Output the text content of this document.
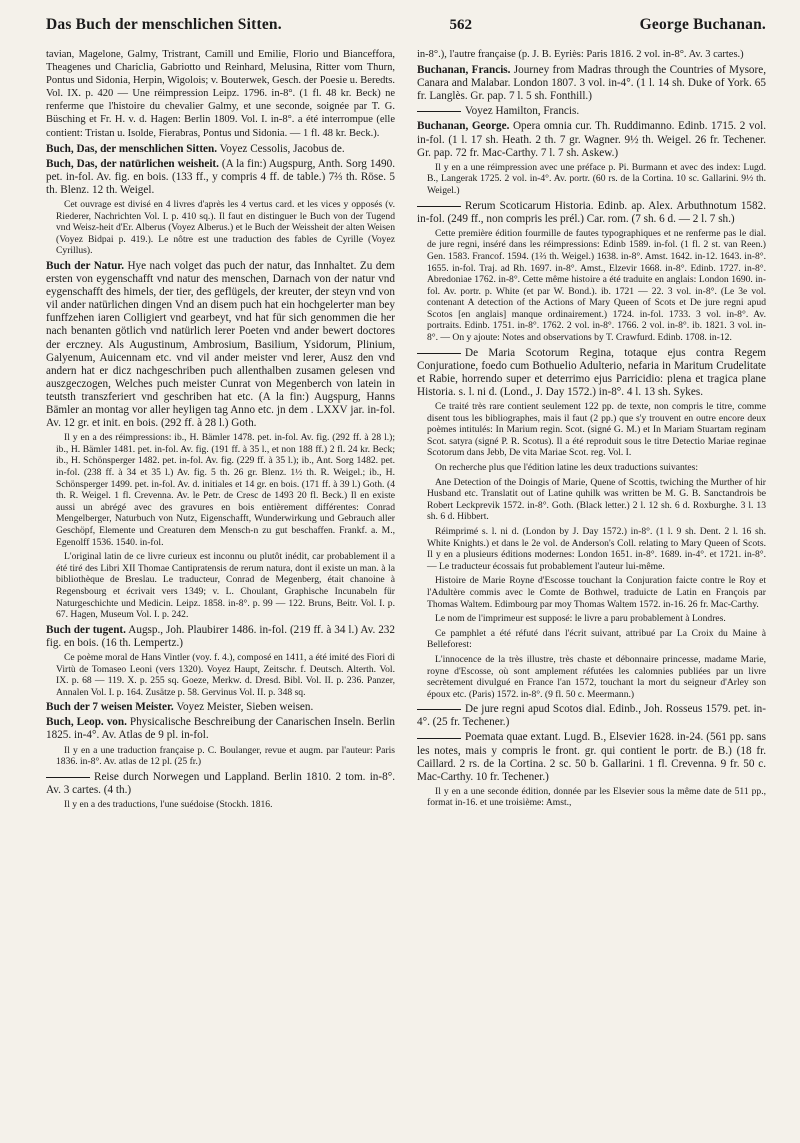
Das Buch der menschlichen Sitten.	562	George Buchanan.

tavian, Magelone, Galmy, Tristrant, Camill und Emilie, Florio und Bianceffora, Theagenes und Chariclia, Gabriotto und Reinhard, Melusina, Ritter vom Thurn, Pontus und Sidonia, Herpin, Wigolois; v. Bouterwek, Gesch. der Poesie u. Beredts. Vol. IX. p. 420 — Une réimpression Leipz. 1796. in-8°. (1 fl. 48 kr. Beck) ne renferme que l'histoire du chevalier Galmy, et une seconde, soignée par T. G. Büsching et Fr. H. v. d. Hagen: Berlin 1809. Vol. I. in-8°. a été interrompue (elle contient: Tristan u. Isolde, Fierabras, Pontus und Sidonia. — 1 fl. 48 kr. Beck.).

Buch, Das, der menschlichen Sitten. Voyez Cessolis, Jacobus de.

Buch, Das, der natürlichen weisheit. (A la fin:) Augspurg, Anth. Sorg 1490. pet. in-fol. Av. fig. en bois. (133 ff., y compris 4 ff. de table.) 7⅔ th. Röse. 5 th. Blenz. 12 th. Weigel.

Cet ouvrage est divisé en 4 livres d'après les 4 vertus card. et les vices y opposés (v. Riederer, Nachrichten Vol. I. p. 410 sq.). Il faut en distinguer le Buch von der Tugend vnd Weisz-heit d'Er. Alberus (Voyez Alberus.) et le Buch der Weissheit der alten Weisen (Voyez Bidpai p. 419.). Le nôtre est une traduction des fables de Cyrille (Voyez Cyrillus).

Buch der Natur. Hye nach volget das puch der natur, das Innhaltet. Zu dem ersten von eygenschafft vnd natur des menschen, Darnach von der natur vnd eygenschafft des himels, der tier, des geflügels, der kreuter, der steyn vnd von vil ander natürlichen dingen Vnd an disem puch hat ein hochgelerter man bey funffzehen iaren Colligiert vnd gearbeyt, vnd hat für sich genommen die her nach benanten götlich vnd natürlich lerer Poeten vnd ander bewert doctores der erczney. Als Augustinum, Ambrosium, Basilium, Ysidorum, Plinium, Galyenum, Auicennam etc. vnd vil ander meister vnd lerer, Ausz den vnd andern hat er dicz nachgeschriben puch allenthalben zusamen gelesen vnd auszgeczogen, Welches puch meister Cunrat von Megenberch von latein in teutsth transzferiert vnd geschriben hat etc. (A la fin:) Augspurg, Hanns Bämler an montag vor aller heyligen tag Anno etc. jn dem . LXXV jar. in-fol. Av. 12 gr. et init. en bois. (292 ff. à 28 l.) Goth.

Il y en a des réimpressions: ib., H. Bämler 1478. pet. in-fol. Av. fig. (292 ff. à 28 l.); ib., H. Bämler 1481. pet. in-fol. Av. fig. (191 ff. à 35 l., et non 188 ff.) 2 fl. 24 kr. Beck; ib., H. Schönsperger 1482. pet. in-fol. Av. fig. (229 ff. à 35 l.); ib., Ant. Sorg 1482. pet. in-fol. (238 ff. à 34 et 35 l.) Av. fig. 5 th. 26 gr. Blenz. 1½ th. R. Weigel.; ib., H. Schönsperger 1499. pet. in-fol. Av. d. initiales et 14 gr. en bois. (171 ff. à 39 l.) Goth. (4 th. R. Weigel. 1 fl. Crevenna. Av. le Petr. de Cresc de 1493 20 fl. Beck.) Il en existe aussi un abrégé avec des gravures en bois entièrement différentes: Conrad Mengelberger, Naturbuch von Nutz, Eigenschafft, Wunderwirkung und Gebrauch aller Geschöpf, Elemente und Creaturen dem Mensch-n zu gut beschaffen. Frankf. a. M., Egenolff 1536. 1540. in-fol.

L'original latin de ce livre curieux est inconnu ou plutôt inédit, car probablement il a été tiré des Libri XII Thomae Cantipratensis de rerum natura, dont il existe un man. à la bibliothèque de Breslau. Le traducteur, Conrad de Megenberg, était chanoine à Regensbourg et écrivait vers 1349; v. L. Choulant, Graphische Incunabeln für Naturgeschichte und Medicin. Leipz. 1858. in-8°. p. 99 — 122. Bruns, Beitr. Vol. I. p. 67. Hagen, Museum Vol. I. p. 242.

Buch der tugent. Augsp., Joh. Plaubirer 1486. in-fol. (219 ff. à 34 l.) Av. 232 fig. en bois. (16 th. Lempertz.)

Ce poème moral de Hans Vintler (voy. f. 4.), composé en 1411, a été imité des Fiori di Virtù de Tomaseo Leoni (vers 1320). Voyez Haupt, Zeitschr. f. Deutsch. Alterth. Vol. IX. p. 68 — 119. X. p. 255 sq. Goeze, Merkw. d. Dresd. Bibl. Vol. II. p. 236. Panzer, Annalen Vol. I. p. 164. Zusätze p. 58. Gervinus Vol. II. p. 348 sq.

Buch der 7 weisen Meister. Voyez Meister, Sieben weisen.

Buch, Leop. von. Physicalische Beschreibung der Canarischen Inseln. Berlin 1825. in-4°. Av. Atlas de 9 pl. in-fol.

Il y en a une traduction française p. C. Boulanger, revue et augm. par l'auteur: Paris 1836. in-8°. Av. atlas de 12 pl. (25 fr.)

Reise durch Norwegen und Lappland. Berlin 1810. 2 tom. in-8°. Av. 3 cartes. (4 th.)

Il y en a des traductions, l'une suédoise (Stockh. 1816.

in-8°.), l'autre française (p. J. B. Eyriès: Paris 1816. 2 vol. in-8°. Av. 3 cartes.)

Buchanan, Francis. Journey from Madras through the Countries of Mysore, Canara and Malabar. London 1807. 3 vol. in-4°. (1 l. 14 sh. Duke of York. 65 fr. Langlès. Gr. pap. 7 l. 5 sh. Fonthill.)

Voyez Hamilton, Francis.

Buchanan, George. Opera omnia cur. Th. Ruddimanno. Edinb. 1715. 2 vol. in-fol. (1 l. 17 sh. Heath. 2 th. 7 gr. Wagner. 9½ th. Weigel. 26 fr. Techener. Gr. pap. 72 fr. Mac-Carthy. 7 l. 7 sh. Askew.)

Il y en a une réimpression avec une préface p. Pi. Burmann et avec des index: Lugd. B., Langerak 1725. 2 vol. in-4°. Av. portr. (60 rs. de la Cortina. 10 sc. Gallarini. 9½ th. Weigel.)

Rerum Scoticarum Historia. Edinb. ap. Alex. Arbuthnotum 1582. in-fol. (249 ff., non compris les prél.) Car. rom. (7 sh. 6 d. — 2 l. 7 sh.)

Cette première édition fourmille de fautes typographiques et ne renferme pas le dial. de jure regni, inséré dans les réimpressions: Edinb 1589. in-fol. (1 fl. 2 st. van Reen.) Gen. 1583. Francof. 1594. (1⅔ th. Weigel.) 1638. in-8°. Amst. 1642. in-12. 1643. in-8°. 1655. in-fol. Traj. ad Rh. 1697. in-8°. Amst., Elzevir 1668. in-8°. Edinb. 1727. in-8°. Abredoniae 1762. in-8°. Cette même histoire a été traduite en anglais: London 1690. in-fol. Av. portr. p. White (et par W. Bond.). ib. 1721 — 22. 3 vol. in-8°. (Le 3e vol. contenant A detection of the Actions of Mary Queen of Scots et De jure regni apud Scotos [en anglais] manque ordinairement.) 1724. in-fol. 1733. 3 vol. in-8°. Av. portraits. Edinb. 1751. in-8°. 1762. 2 vol. in-8°. 1766. 2 vol. in-8°. ib. 1821. 3 vol. in-8°. — On y ajoute: Notes and observations by T. Crawfurd. Edinb. 1708. in-12.

De Maria Scotorum Regina, totaque ejus contra Regem Conjuratione, foedo cum Bothuelio Adulterio, nefaria in Maritum Crudelitate et Rabie, horrendo super et deterrimo ejus Parricidio: plena et tragica plane Historia. s. l. ni d. (Lond., J. Day 1572.) in-8°. 4 l. 13 sh. Sykes.

Ce traité très rare contient seulement 122 pp. de texte, non compris le titre, comme disent tous les bibliographes, mais il faut (2 pp.) que s'y trouvent en outre encore deux poèmes intitulés: In Marium regin. Scot. (signé G. M.) et In Mariam Stuartam reginam Scot. satyra (signé P. R. Scotus). Il a été reproduit sous le titre Detectio Mariae reginae Scotorum dans Jebb, De vita Mariae Scot. reg. Vol. I.

On recherche plus que l'édition latine les deux traductions suivantes:

Ane Detection of the Doingis of Marie, Quene of Scottis, twiching the Murther of hir Husband etc. Translatit out of Latine quhilk was written be M. G. B. Sanctandrois be Robert Leckprevik 1572. in-8°. Goth. (Black letter.) 2 l. 12 sh. 6 d. Roxburghe. 3 l. 13 sh. 6 d. Hibbert.

Réimprimé s. l. ni d. (London by J. Day 1572.) in-8°. (1 l. 9 sh. Dent. 2 l. 16 sh. White Knights.) et dans le 2e vol. de Anderson's Coll. relating to Mary Queen of Scots. Il y en a plusieurs éditions modernes: London 1651. in-8°. 1689. in-4°. et 1721. in-8°. — Le traducteur écossais fut probablement l'auteur lui-même.

Histoire de Marie Royne d'Escosse touchant la Conjuration faicte contre le Roy et l'Adultère commis avec le Comte de Bothwel, traduicte de Latin en François par Thomas Waltem. Edimbourg par moy Thomas Waltem 1572. in-16. 26 fr. Mac-Carthy.

Le nom de l'imprimeur est supposé: le livre a paru probablement à Londres.

Ce pamphlet a été réfuté dans l'écrit suivant, attribué par La Croix du Maine à Belleforest:

L'innocence de la très illustre, très chaste et débonnaire princesse, madame Marie, royne d'Escosse, où sont amplement réfutées les calomnies publiées par un livre secrètement divulgué en France l'an 1572, touchant la mort du seigneur d'Arley son époux etc. (Paris) 1572. in-8°. (9 fl. 50 c. Meermann.)

De jure regni apud Scotos dial. Edinb., Joh. Rosseus 1579. pet. in-4°. (25 fr. Techener.)

Poemata quae extant. Lugd. B., Elsevier 1628. in-24. (561 pp. sans les notes, mais y compris le front. gr. qui contient le portr. de B.) (18 fr. Caillard. 2 rs. de la Cortina. 2 sc. 50 b. Gallarini. 1 fl. Crevenna. 9 fr. 50 c. Mac-Carthy. 10 fr. Techener.)

Il y en a une seconde édition, donnée par les Elsevier sous la même date de 511 pp., format in-16. et une troisième: Amst.,
